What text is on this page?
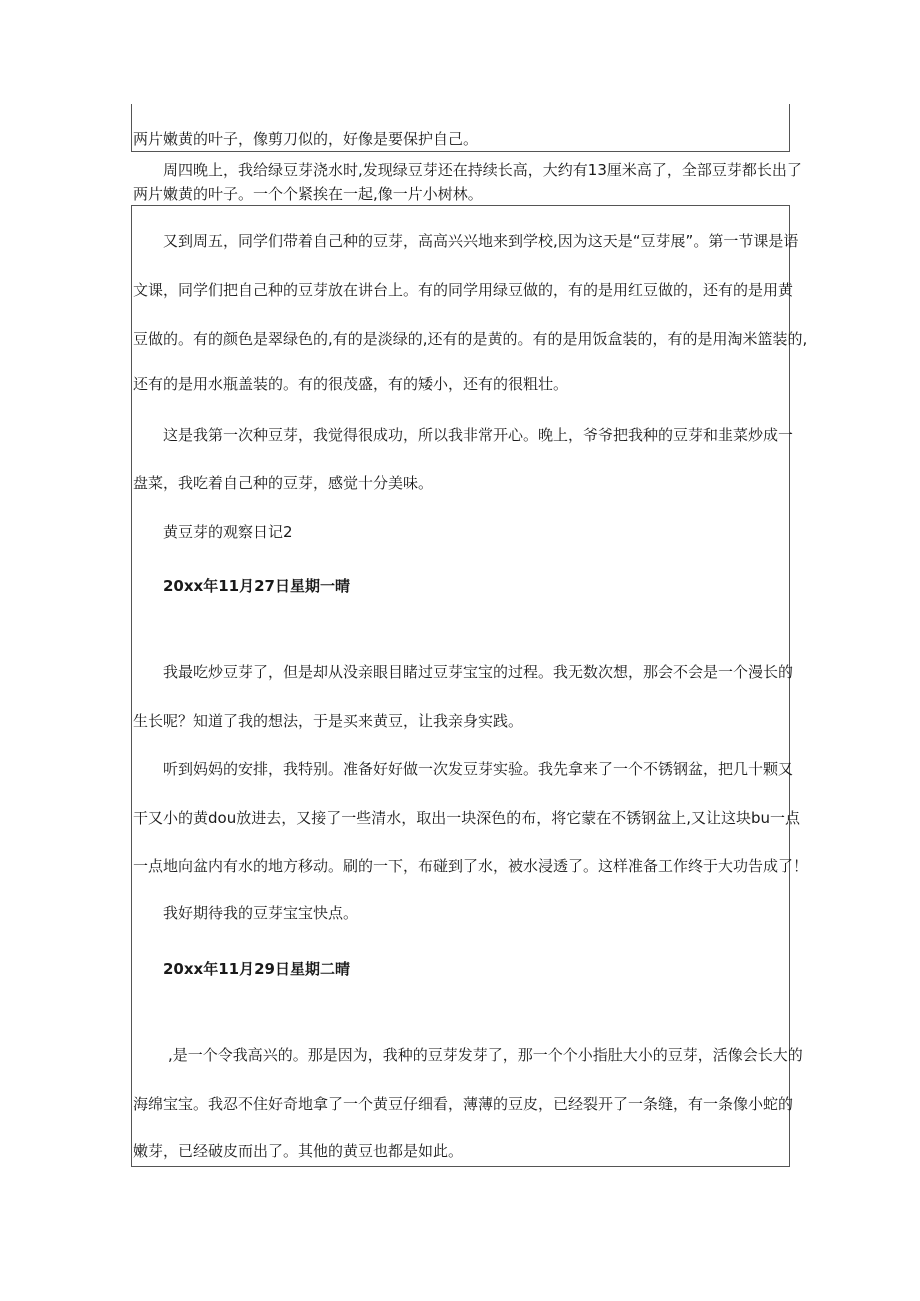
两片嫩黄的叶子，像剪刀似的，好像是要保护自己。
周四晚上，我给绿豆芽浇水时,发现绿豆芽还在持续长高，大约有13厘米高了，全部豆芽都长出了
两片嫩黄的叶子。一个个紧挨在一起,像一片小树林。
又到周五，同学们带着自己种的豆芽，高高兴兴地来到学校,因为这天是“豆芽展”。第一节课是语
文课，同学们把自己种的豆芽放在讲台上。有的同学用绿豆做的，有的是用红豆做的，还有的是用黄
豆做的。有的颜色是翠绿色的,有的是淡绿的,还有的是黄的。有的是用饭盒装的，有的是用淘米篮装的,
还有的是用水瓶盖装的。有的很茂盛，有的矮小，还有的很粗壮。
这是我第一次种豆芽，我觉得很成功，所以我非常开心。晚上，爷爷把我种的豆芽和韭菜炒成一
盘菜，我吃着自己种的豆芽，感觉十分美味。
黄豆芽的观察日记2
20xx年11月27日星期一晴
我最吃炒豆芽了，但是却从没亲眼目睹过豆芽宝宝的过程。我无数次想，那会不会是一个漫长的
生长呢？知道了我的想法，于是买来黄豆，让我亲身实践。
听到妈妈的安排，我特别。准备好好做一次发豆芽实验。我先拿来了一个不锈钢盆，把几十颗又
干又小的黄dou放进去，又接了一些清水，取出一块深色的布，将它蒙在不锈钢盆上,又让这块bu一点
一点地向盆内有水的地方移动。刷的一下，布碰到了水，被水浸透了。这样准备工作终于大功告成了！
我好期待我的豆芽宝宝快点。
20xx年11月29日星期二晴
,是一个令我高兴的。那是因为，我种的豆芽发芽了，那一个个小指肚大小的豆芽，活像会长大的
海绵宝宝。我忍不住好奇地拿了一个黄豆仔细看，薄薄的豆皮，已经裂开了一条缝，有一条像小蛇的
嫩芽，已经破皮而出了。其他的黄豆也都是如此。
